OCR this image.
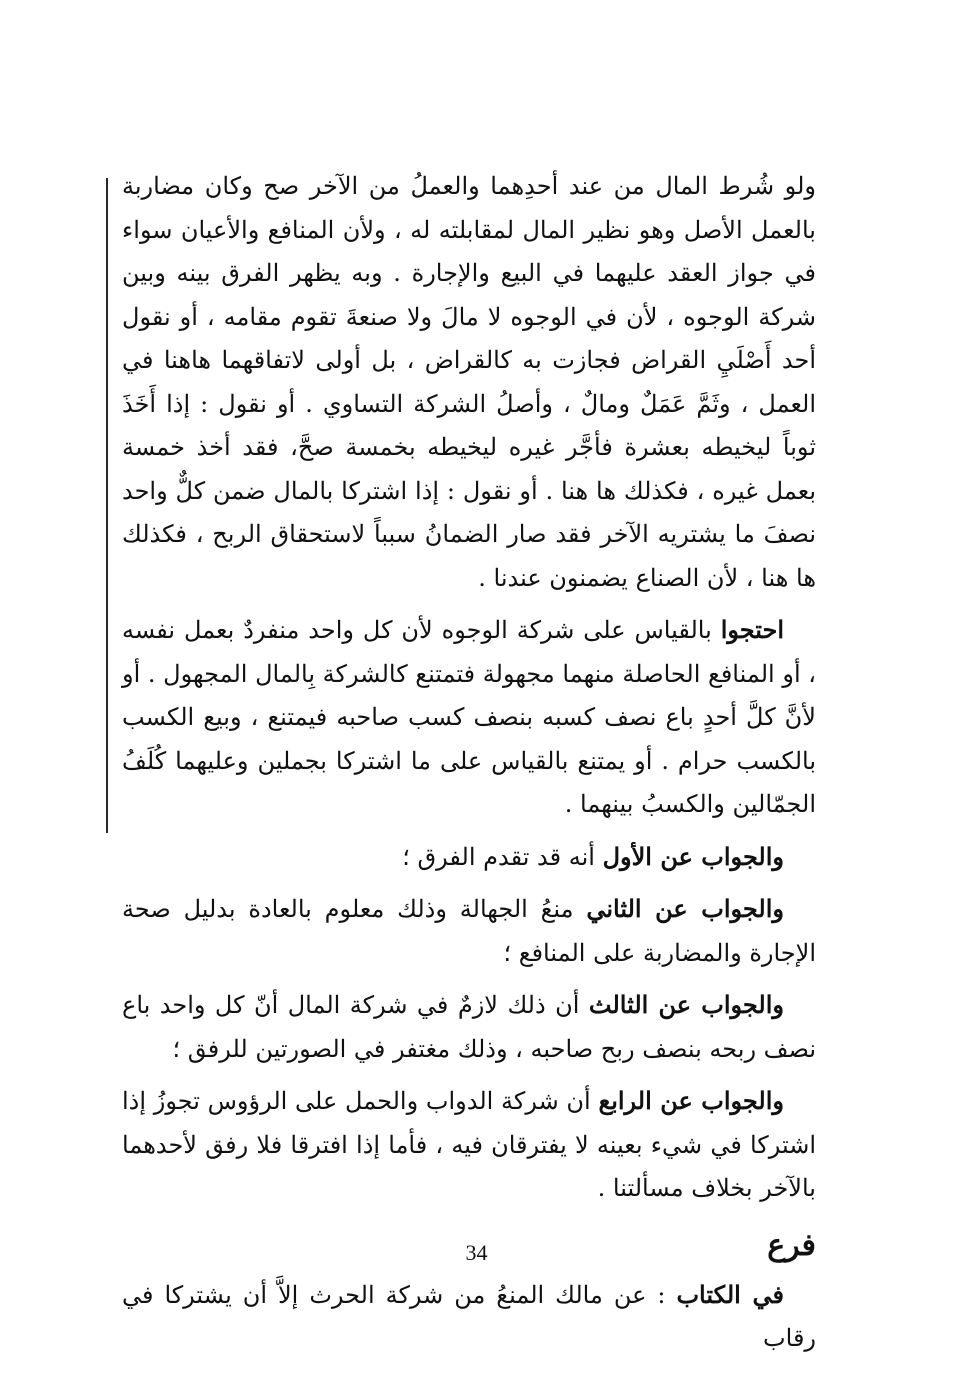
ولو شُرط المال من عند أحدِهما والعملُ من الآخر صح وكان مضاربة بالعمل الأصل وهو نظير المال لمقابلته له ، ولأن المنافع والأعيان سواء في جواز العقد عليهما في البيع والإجارة . وبه يظهر الفرق بينه وبين شركة الوجوه ، لأن في الوجوه لا مالَ ولا صنعةَ تقوم مقامه ، أو نقول أحد أَصْلَيِ القراض فجازت به كالقراض ، بل أولى لاتفاقهما هاهنا في العمل ، وثَمَّ عَمَلٌ ومالٌ ، وأصلُ الشركة التساوي . أو نقول : إذا أَخَذَ ثوباً ليخيطه بعشرة فأجَّر غيره ليخيطه بخمسة صحَّ، فقد أخذ خمسة بعمل غيره ، فكذلك ها هنا . أو نقول : إذا اشتركا بالمال ضمن كلٌّ واحد نصفَ ما يشتريه الآخر فقد صار الضمانُ سبباً لاستحقاق الربح ، فكذلك ها هنا ، لأن الصناع يضمنون عندنا .

احتجوا بالقياس على شركة الوجوه لأن كل واحد منفردٌ بعمل نفسه ، أو المنافع الحاصلة منهما مجهولة فتمتنع كالشركة بِالمال المجهول . أو لأنَّ كلَّ أحدٍ باع نصف كسبه بنصف كسب صاحبه فيمتنع ، وبيع الكسب بالكسب حرام . أو يمتنع بالقياس على ما اشتركا بجملين وعليهما كُلَفُ الجمّالين والكسبُ بينهما .

والجواب عن الأول أنه قد تقدم الفرق ؛

والجواب عن الثاني منعُ الجهالة وذلك معلوم بالعادة بدليل صحة الإجارة والمضاربة على المنافع ؛

والجواب عن الثالث أن ذلك لازمٌ في شركة المال أنّ كل واحد باع نصف ربحه بنصف ربح صاحبه ، وذلك مغتفر في الصورتين للرفق ؛

والجواب عن الرابع أن شركة الدواب والحمل على الرؤوس تجوزُ إذا اشتركا في شيء بعينه لا يفترقان فيه ، فأما إذا افترقا فلا رفق لأحدهما بالآخر بخلاف مسألتنا .

فرع

في الكتاب : عن مالك المنعُ من شركة الحرث إلاَّ أن يشتركا في رقاب

34
